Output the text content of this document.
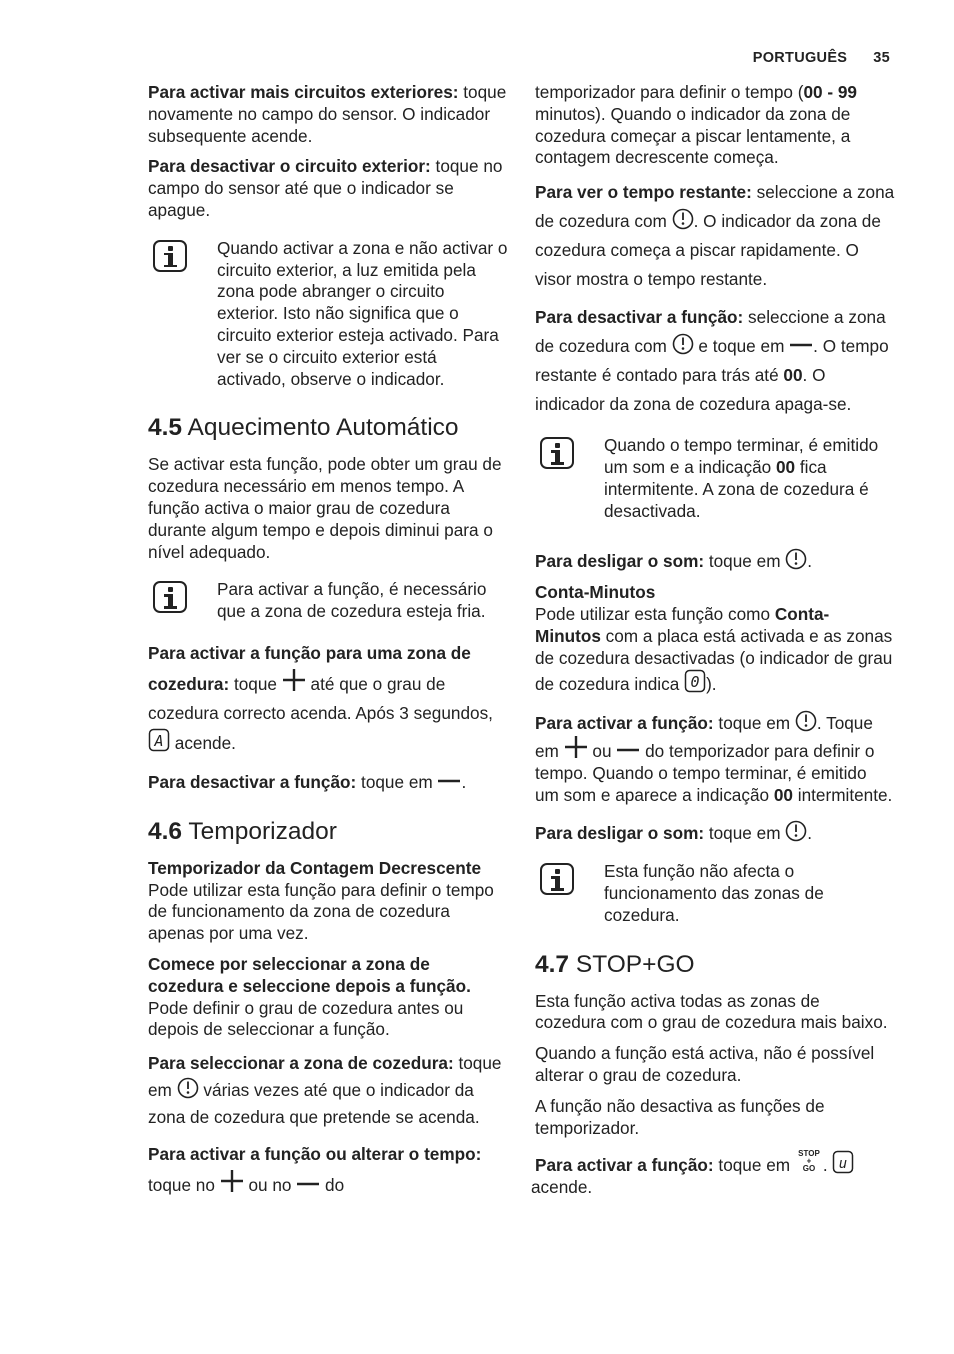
PORTUGUÊS 35

Para activar mais circuitos exteriores: toque novamente no campo do sensor. O indicador subsequente acende.

Para desactivar o circuito exterior: toque no campo do sensor até que o indicador se apague.

Quando activar a zona e não activar o circuito exterior, a luz emitida pela zona pode abranger o circuito exterior. Isto não significa que o circuito exterior esteja activado. Para ver se o circuito exterior está activado, observe o indicador.
4.5 Aquecimento Automático

Se activar esta função, pode obter um grau de cozedura necessário em menos tempo. A função activa o maior grau de cozedura durante algum tempo e depois diminui para o nível adequado.

Para activar a função, é necessário que a zona de cozedura esteja fria.

Para activar a função para uma zona de cozedura: toque  até que o grau de cozedura correcto acenda. Após 3 segundos,
A acende.

Para desactivar a função: toque em .

4.6 Temporizador

Temporizador da Contagem Decrescente
Pode utilizar esta função para definir o tempo de funcionamento da zona de cozedura apenas por uma vez.

Comece por seleccionar a zona de cozedura e seleccione depois a função. Pode definir o grau de cozedura antes ou depois de seleccionar a função.

Para seleccionar a zona de cozedura: toque em  várias vezes até que o indicador da zona de cozedura que pretende se acenda.

Para activar a função ou alterar o tempo: toque no  ou no  do

temporizador para definir o tempo (00 - 99 minutos). Quando o indicador da zona de cozedura começar a piscar lentamente, a contagem decrescente começa.

Para ver o tempo restante: seleccione a zona de cozedura com . O indicador da zona de cozedura começa a piscar rapidamente. O visor mostra o tempo restante.

Para desactivar a função: seleccione a zona de cozedura com  e toque em . O tempo restante é contado para trás até 00. O indicador da zona de cozedura apaga-se.

Quando o tempo terminar, é emitido um som e a indicação 00 fica intermitente. A zona de cozedura é desactivada.

Para desligar o som: toque em .

Conta-Minutos
Pode utilizar esta função como Conta-Minutos com a placa está activada e as zonas de cozedura desactivadas (o indicador de grau de cozedura indica 0 ).

Para activar a função: toque em . Toque em  ou  do temporizador para definir o tempo. Quando o tempo terminar, é emitido um som e aparece a indicação 00 intermitente.

Para desligar o som: toque em .

Esta função não afecta o funcionamento das zonas de cozedura.
4.7 STOP+GO

Esta função activa todas as zonas de cozedura com o grau de cozedura mais baixo.

Quando a função está activa, não é possível alterar o grau de cozedura.

A função não desactiva as funções de temporizador.

Para activar a função: toque em
STOP
+
GO . u

acende.
